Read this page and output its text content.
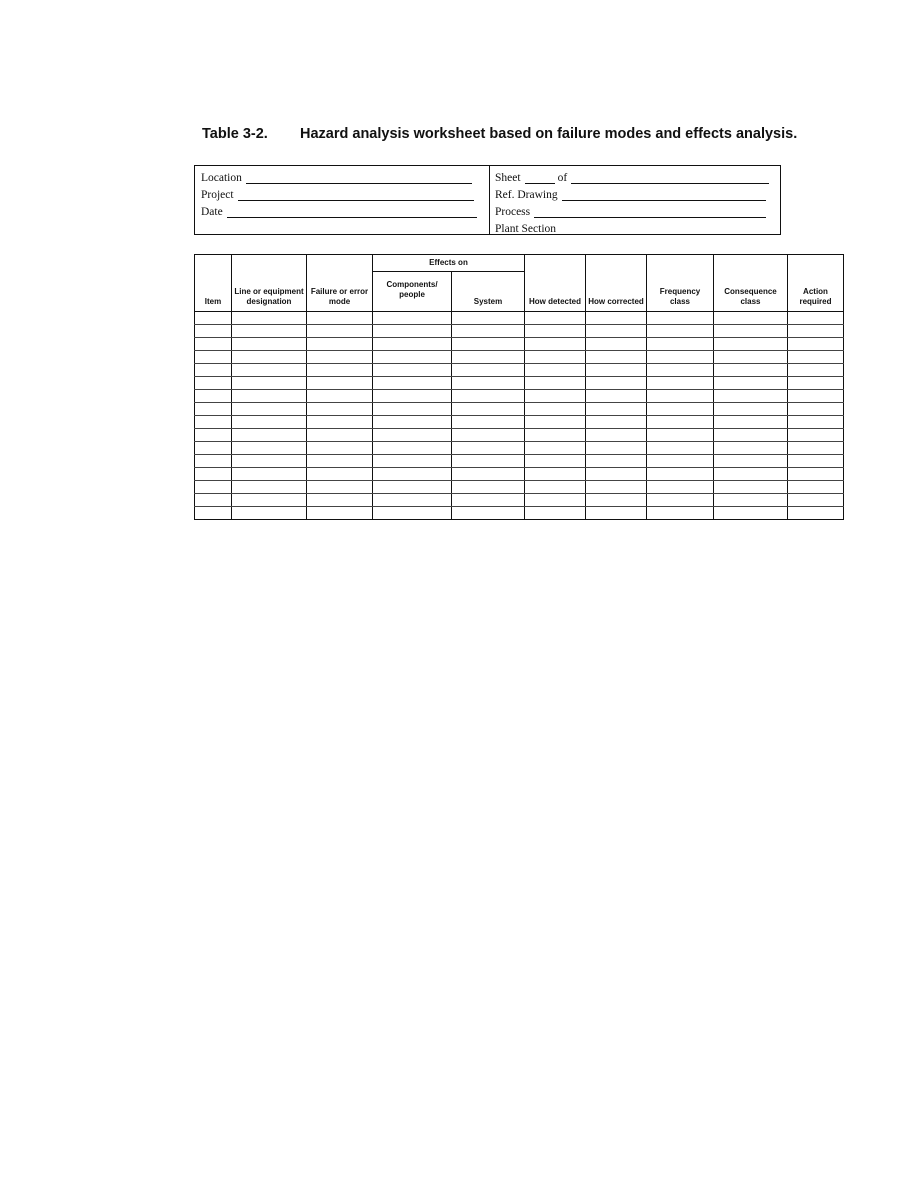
Table 3-2. Hazard analysis worksheet based on failure modes and effects analysis.
Location
Project
Date
Sheet	of
Ref. Drawing
Process
Plant Section
Item	Line or equipment designation	Failure or error mode	Effects on		How detected	How corrected	Frequency class	Consequence class	Action required
			Components/ people	System					
